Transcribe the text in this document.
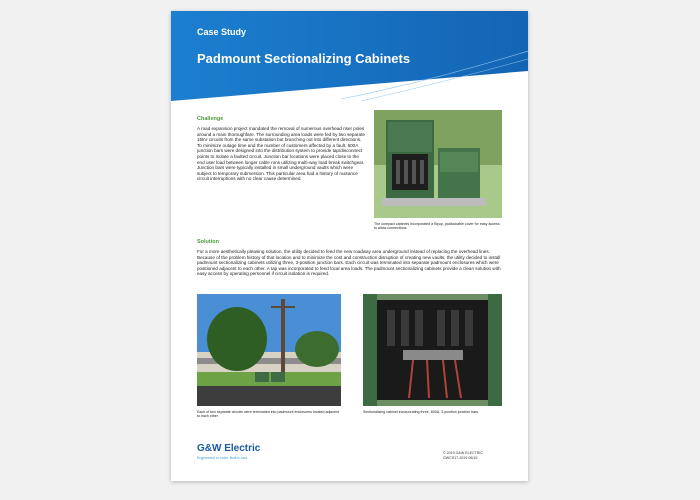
Case Study
Padmount Sectionalizing Cabinets
Challenge

A road expansion project mandated the removal of numerous overhead riser poles around a main thoroughfare. The surrounding area loads were fed by two separate 15kV circuits from the same substation but branching out into different directions. To minimize outage time and the number of customers affected by a fault, 600A junction bars were designed into the distribution system to provide tap/disconnect points to isolate a faulted circuit. Junction bar locations were placed close to the end user load between longer cable runs utilizing multi-way load break switchgear. Junction bars were typically installed in small underground vaults which were subject to temporary submersion. This particular area had a history of nuisance circuit interruptions with no clear cause determined.

The compact cabinets incorporated a flipup, padlockable cover for easy access to allow connections.
Solution

For a more aesthetically pleasing solution, the utility decided to feed the new roadway area underground instead of replacing the overhead lines. Because of the problem history of that location and to minimize the cost and construction disruption of creating new vaults, the utility decided to install padmount sectionalizing cabinets utilizing three, 3-position junction bars. Each circuit was terminated into separate padmount enclosures which were positioned adjacent to each other. A tap was incorporated to feed local area loads. The padmount sectionalizing cabinets provide a clean solution with easy access by operating personnel if circuit isolation is required.

Each of two separate circuits were terminated into padmount enclosures located adjacent to each other
Sectionalizing cabinet incorporating three, 600A, 3-position junction bars.
G&W Electric
Engineered to order. Built to last.
© 2019 G&W ELECTRIC
GWCS17-2019 06/19
